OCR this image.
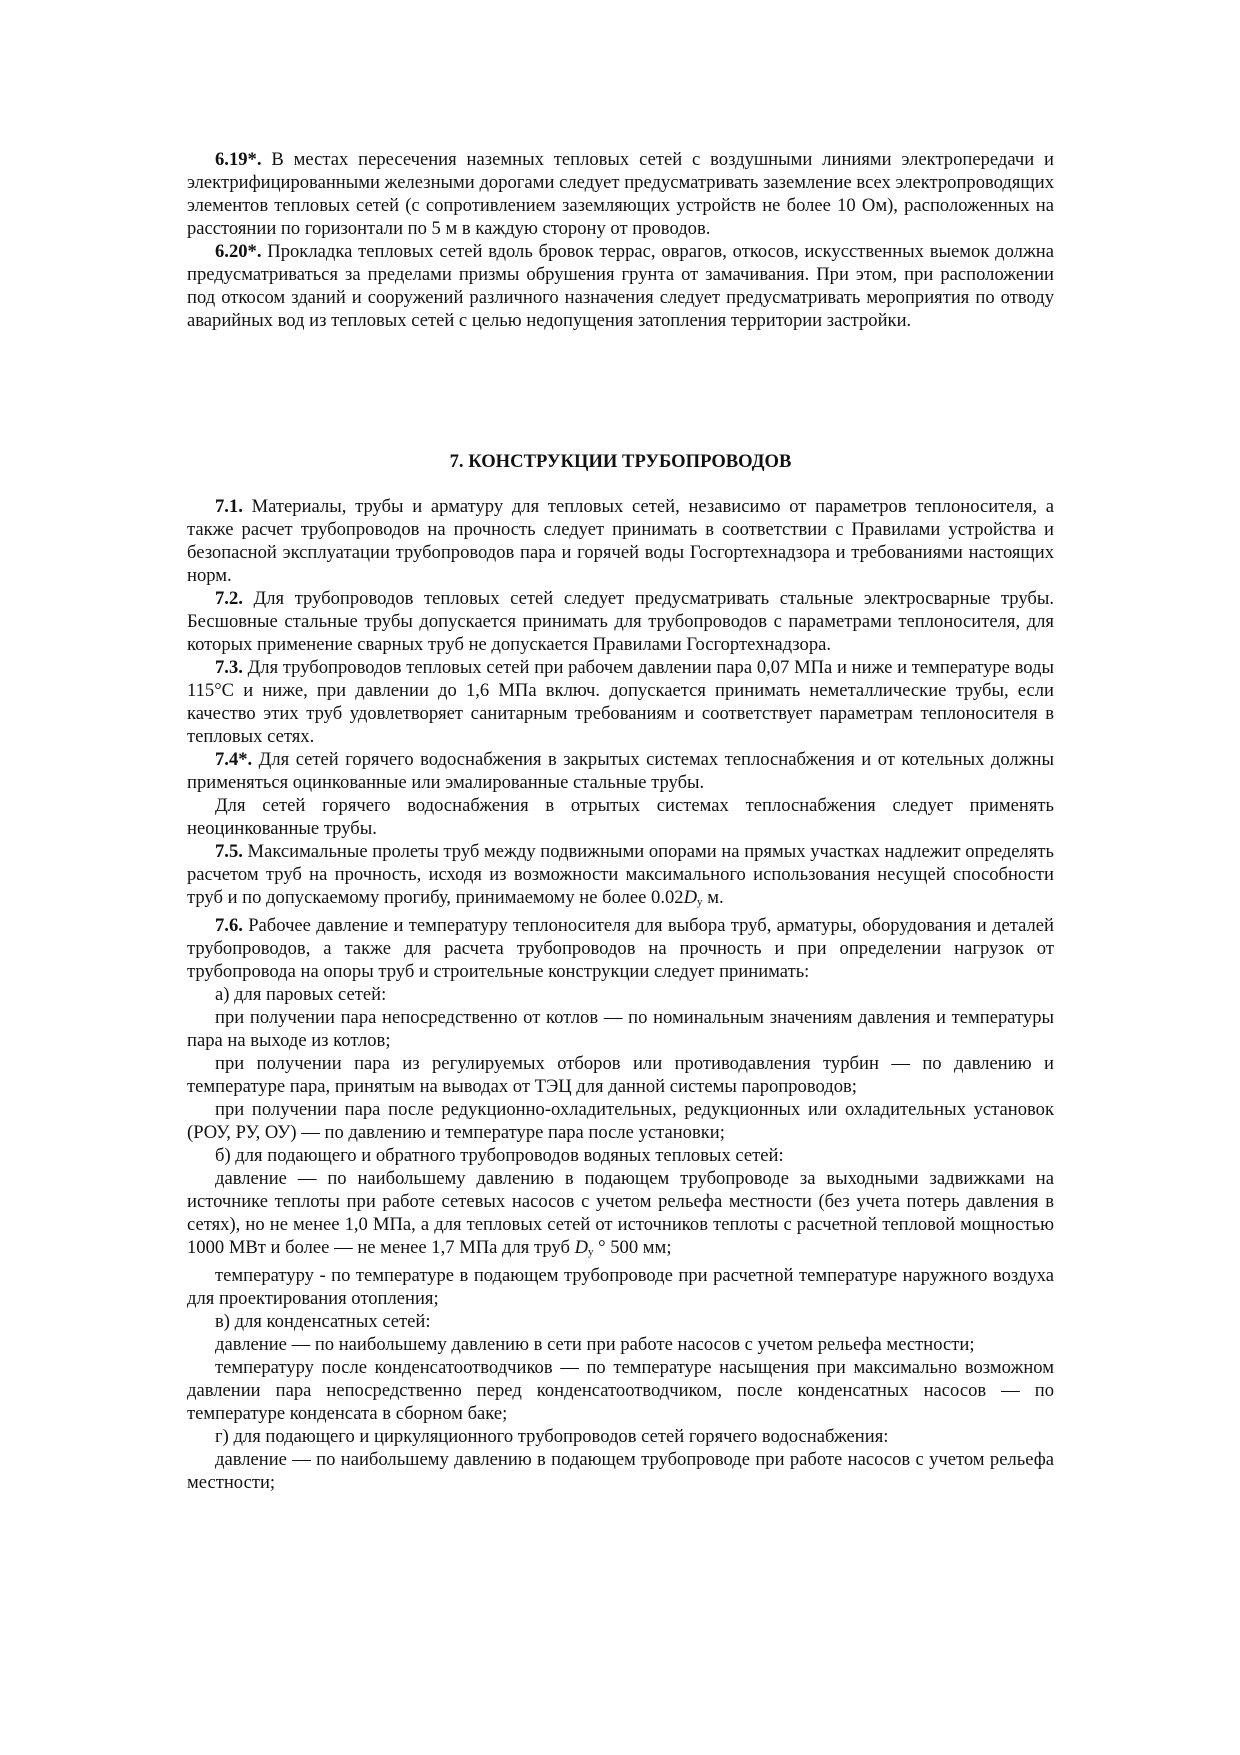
6.19*. В местах пересечения наземных тепловых сетей с воздушными линиями электропередачи и электрифицированными железными дорогами следует предусматривать заземление всех электропроводящих элементов тепловых сетей (с сопротивлением заземляющих устройств не более 10 Ом), расположенных на расстоянии по горизонтали по 5 м в каждую сторону от проводов.

6.20*. Прокладка тепловых сетей вдоль бровок террас, оврагов, откосов, искусственных выемок должна предусматриваться за пределами призмы обрушения грунта от замачивания. При этом, при расположении под откосом зданий и сооружений различного назначения следует предусматривать мероприятия по отводу аварийных вод из тепловых сетей с целью недопущения затопления территории застройки.

7. КОНСТРУКЦИИ ТРУБОПРОВОДОВ

7.1. Материалы, трубы и арматуру для тепловых сетей, независимо от параметров теплоносителя, а также расчет трубопроводов на прочность следует принимать в соответствии с Правилами устройства и безопасной эксплуатации трубопроводов пара и горячей воды Госгортехнадзора и требованиями настоящих норм.

7.2. Для трубопроводов тепловых сетей следует предусматривать стальные электросварные трубы. Бесшовные стальные трубы допускается принимать для трубопроводов с параметрами теплоносителя, для которых применение сварных труб не допускается Правилами Госгортехнадзора.

7.3. Для трубопроводов тепловых сетей при рабочем давлении пара 0,07 МПа и ниже и температуре воды 115°С и ниже, при давлении до 1,6 МПа включ. допускается принимать неметаллические трубы, если качество этих труб удовлетворяет санитарным требованиям и соответствует параметрам теплоносителя в тепловых сетях.

7.4*. Для сетей горячего водоснабжения в закрытых системах теплоснабжения и от котельных должны применяться оцинкованные или эмалированные стальные трубы.

Для сетей горячего водоснабжения в отрытых системах теплоснабжения следует применять неоцинкованные трубы.

7.5. Максимальные пролеты труб между подвижными опорами на прямых участках надлежит определять расчетом труб на прочность, исходя из возможности максимального использования несущей способности труб и по допускаемому прогибу, принимаемому не более $0.02D_y$ м.

7.6. Рабочее давление и температуру теплоносителя для выбора труб, арматуры, оборудования и деталей трубопроводов, а также для расчета трубопроводов на прочность и при определении нагрузок от трубопровода на опоры труб и строительные конструкции следует принимать:

а) для паровых сетей:

при получении пара непосредственно от котлов — по номинальным значениям давления и температуры пара на выходе из котлов;

при получении пара из регулируемых отборов или противодавления турбин — по давлению и температуре пара, принятым на выводах от ТЭЦ для данной системы паропроводов;

при получении пара после редукционно-охладительных, редукционных или охладительных установок (РОУ, РУ, ОУ) — по давлению и температуре пара после установки;

б) для подающего и обратного трубопроводов водяных тепловых сетей:

давление — по наибольшему давлению в подающем трубопроводе за выходными задвижками на источнике теплоты при работе сетевых насосов с учетом рельефа местности (без учета потерь давления в сетях), но не менее 1,0 МПа, а для тепловых сетей от источников теплоты с расчетной тепловой мощностью 1000 МВт и более — не менее 1,7 МПа для труб $D_y$ ° 500 мм;

температуру - по температуре в подающем трубопроводе при расчетной температуре наружного воздуха для проектирования отопления;

в) для конденсатных сетей:

давление — по наибольшему давлению в сети при работе насосов с учетом рельефа местности;

температуру после конденсатоотводчиков — по температуре насыщения при максимально возможном давлении пара непосредственно перед конденсатоотводчиком, после конденсатных насосов — по температуре конденсата в сборном баке;

г) для подающего и циркуляционного трубопроводов сетей горячего водоснабжения:

давление — по наибольшему давлению в подающем трубопроводе при работе насосов с учетом рельефа местности;
